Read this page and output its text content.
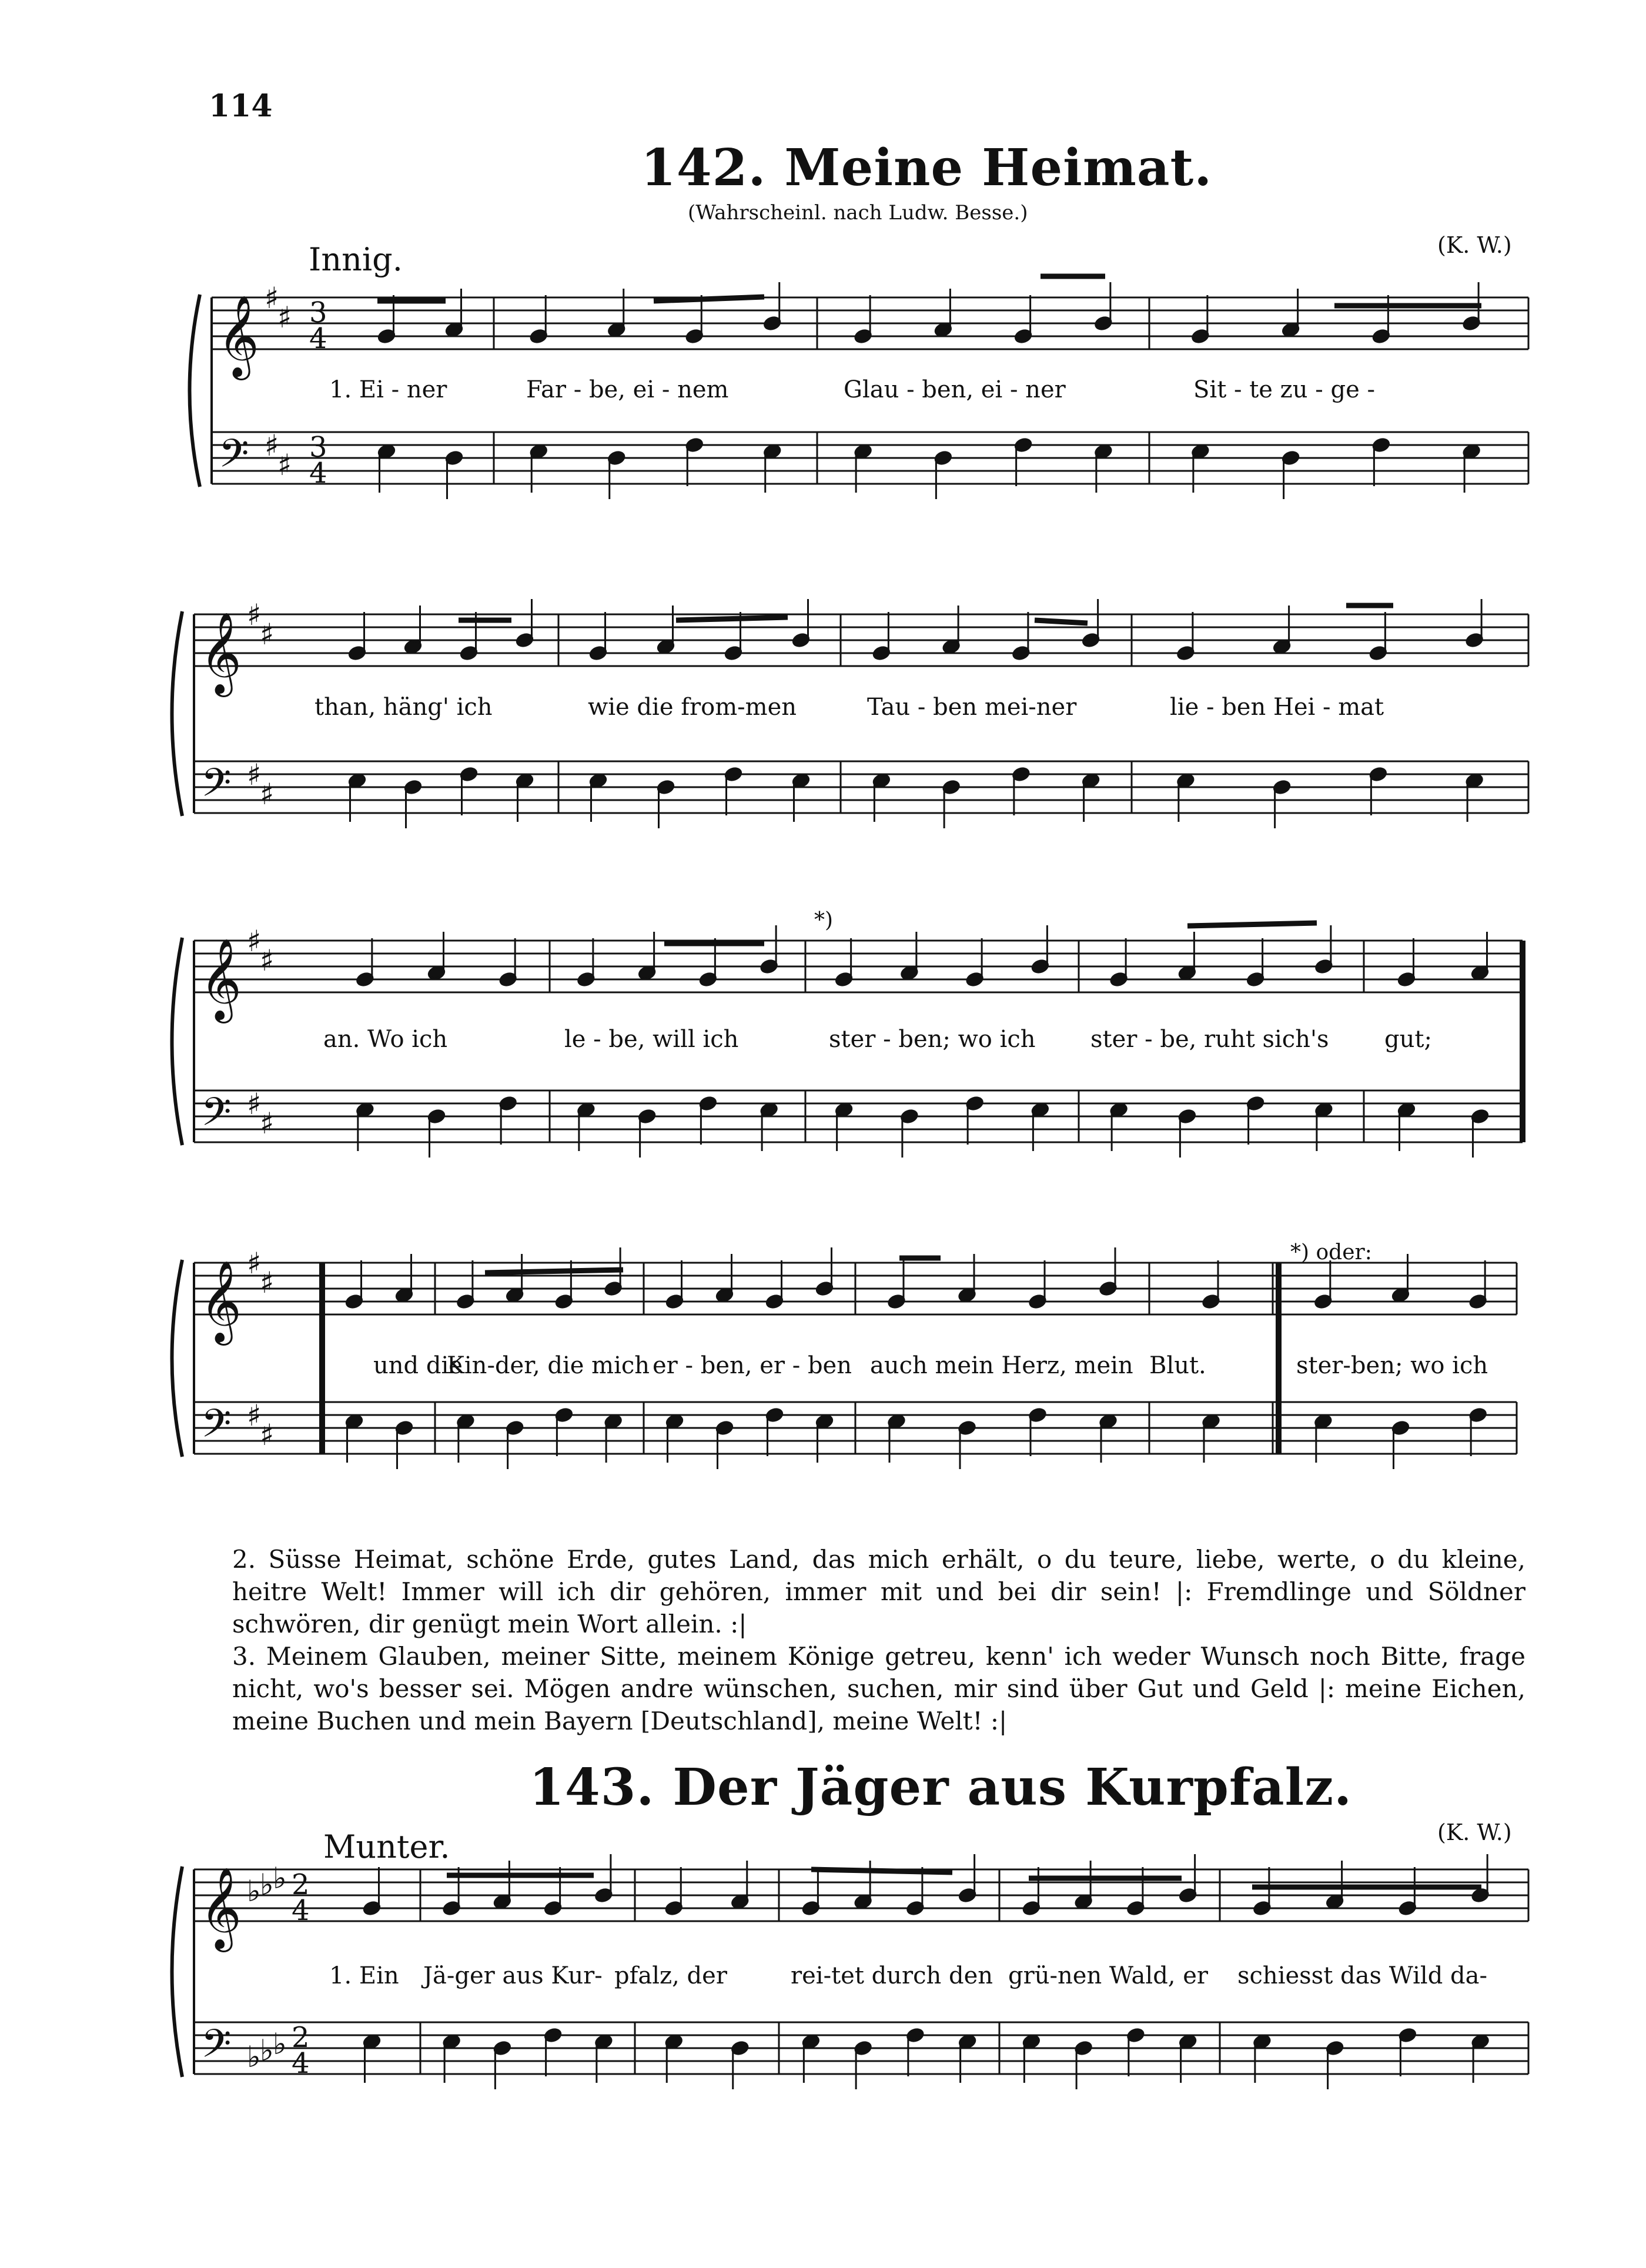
114
142. Meine Heimat.
(Wahrscheinl. nach Ludw. Besse.)
Innig.	(K. W.)
1. Ei - ner	Far - be, ei - nem	Glau - ben, ei - ner	Sit - te zu - ge -
than, häng' ich	wie die from-men	Tau - ben mei-ner	lie - ben Hei - mat
*)
an. Wo ich	le - be, will ich	ster - ben; wo ich ster - be, ruht sich's gut;
*) oder:
und die
Kin-der, die mich er - ben, er - ben auch mein Herz, mein Blut.	ster-ben; wo ich

2. Süsse Heimat, schöne Erde, gutes Land, das mich erhält, o du teure, liebe, werte, o du kleine, heitre Welt! Immer will ich dir gehören, immer mit und bei dir sein! |: Fremdlinge und Söldner schwören, dir genügt mein Wort allein. :|

3. Meinem Glauben, meiner Sitte, meinem Könige getreu, kenn' ich weder Wunsch noch Bitte, frage nicht, wo's besser sei. Mögen andre wünschen, suchen, mir sind über Gut und Geld |: meine Eichen, meine Buchen und mein Bayern [Deutschland], meine Welt! :|

143. Der Jäger aus Kurpfalz.
Munter.	(K. W.)
1. Ein Jä-ger aus Kur- pfalz, der	rei-tet durch den grü-nen Wald, er schiesst das Wild da-
𝄞
𝄢
♯
♯
♯
♯
3
4
3
4
𝄞
𝄢
♯
♯
♯
♯
𝄞
𝄢
♯
♯
♯
♯
𝄞
𝄢
♯
♯
♯
♯
𝄞
𝄢
♭
♭
♭
♭
♭
♭
2
4
2
4
